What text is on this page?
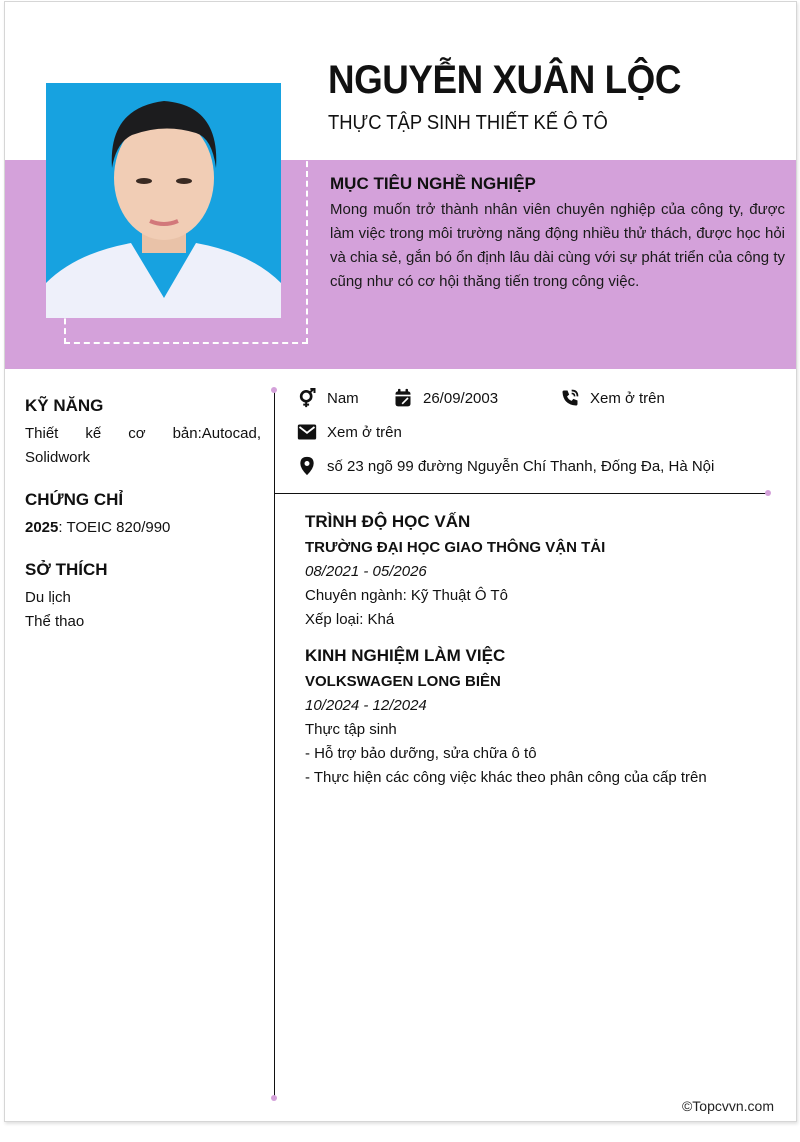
NGUYỄN XUÂN LỘC
THỰC TẬP SINH THIẾT KẾ Ô TÔ
MỤC TIÊU NGHỀ NGHIỆP

Mong muốn trở thành nhân viên chuyên nghiệp của công ty, được làm việc trong môi trường năng động nhiều thử thách, được học hỏi và chia sẻ, gắn bó ổn định lâu dài cùng với sự phát triển của công ty cũng như có cơ hội thăng tiến trong công việc.

KỸ NĂNG
Thiết kế cơ bản:Autocad, Solidwork
CHỨNG CHỈ
2025: TOEIC 820/990
SỞ THÍCH
Du lịch
Thể thao
Nam	26/09/2003	Xem ở trên
Xem ở trên
số 23 ngõ 99 đường Nguyễn Chí Thanh, Đống Đa, Hà Nội
TRÌNH ĐỘ HỌC VẤN
TRƯỜNG ĐẠI HỌC GIAO THÔNG VẬN TẢI
08/2021 - 05/2026
Chuyên ngành: Kỹ Thuật Ô Tô
Xếp loại: Khá
KINH NGHIỆM LÀM VIỆC
VOLKSWAGEN LONG BIÊN
10/2024 - 12/2024
Thực tập sinh
- Hỗ trợ bảo dưỡng, sửa chữa ô tô
- Thực hiện các công việc khác theo phân công của cấp trên
©Topcvvn.com
